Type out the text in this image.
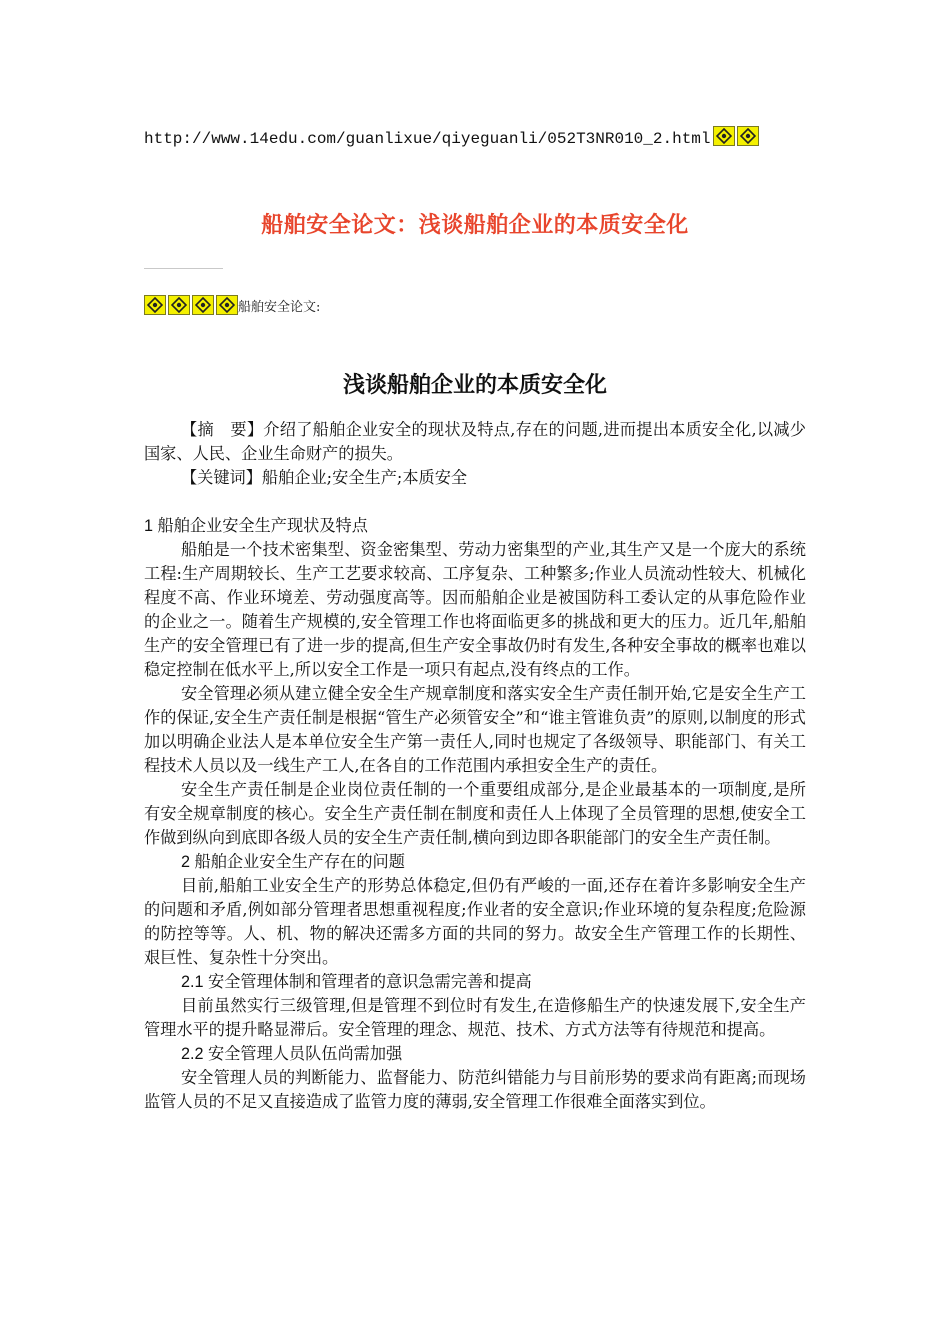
http://www.14edu.com/guanlixue/qiyeguanli/052T3NR010_2.html
船舶安全论文：浅谈船舶企业的本质安全化
船舶安全论文:
浅谈船舶企业的本质安全化

【摘　要】介绍了船舶企业安全的现状及特点,存在的问题,进而提出本质安全化,以减少国家、人民、企业生命财产的损失。

【关键词】船舶企业;安全生产;本质安全

1 船舶企业安全生产现状及特点

船舶是一个技术密集型、资金密集型、劳动力密集型的产业,其生产又是一个庞大的系统工程:生产周期较长、生产工艺要求较高、工序复杂、工种繁多;作业人员流动性较大、机械化程度不高、作业环境差、劳动强度高等。因而船舶企业是被国防科工委认定的从事危险作业的企业之一。随着生产规模的,安全管理工作也将面临更多的挑战和更大的压力。近几年,船舶生产的安全管理已有了进一步的提高,但生产安全事故仍时有发生,各种安全事故的概率也难以稳定控制在低水平上,所以安全工作是一项只有起点,没有终点的工作。

安全管理必须从建立健全安全生产规章制度和落实安全生产责任制开始,它是安全生产工作的保证,安全生产责任制是根据“管生产必须管安全”和“谁主管谁负责”的原则,以制度的形式加以明确企业法人是本单位安全生产第一责任人,同时也规定了各级领导、职能部门、有关工程技术人员以及一线生产工人,在各自的工作范围内承担安全生产的责任。

安全生产责任制是企业岗位责任制的一个重要组成部分,是企业最基本的一项制度,是所有安全规章制度的核心。安全生产责任制在制度和责任人上体现了全员管理的思想,使安全工作做到纵向到底即各级人员的安全生产责任制,横向到边即各职能部门的安全生产责任制。

2 船舶企业安全生产存在的问题

目前,船舶工业安全生产的形势总体稳定,但仍有严峻的一面,还存在着许多影响安全生产的问题和矛盾,例如部分管理者思想重视程度;作业者的安全意识;作业环境的复杂程度;危险源的防控等等。人、机、物的解决还需多方面的共同的努力。故安全生产管理工作的长期性、艰巨性、复杂性十分突出。

2.1 安全管理体制和管理者的意识急需完善和提高

目前虽然实行三级管理,但是管理不到位时有发生,在造修船生产的快速发展下,安全生产管理水平的提升略显滞后。安全管理的理念、规范、技术、方式方法等有待规范和提高。

2.2 安全管理人员队伍尚需加强

安全管理人员的判断能力、监督能力、防范纠错能力与目前形势的要求尚有距离;而现场监管人员的不足又直接造成了监管力度的薄弱,安全管理工作很难全面落实到位。
